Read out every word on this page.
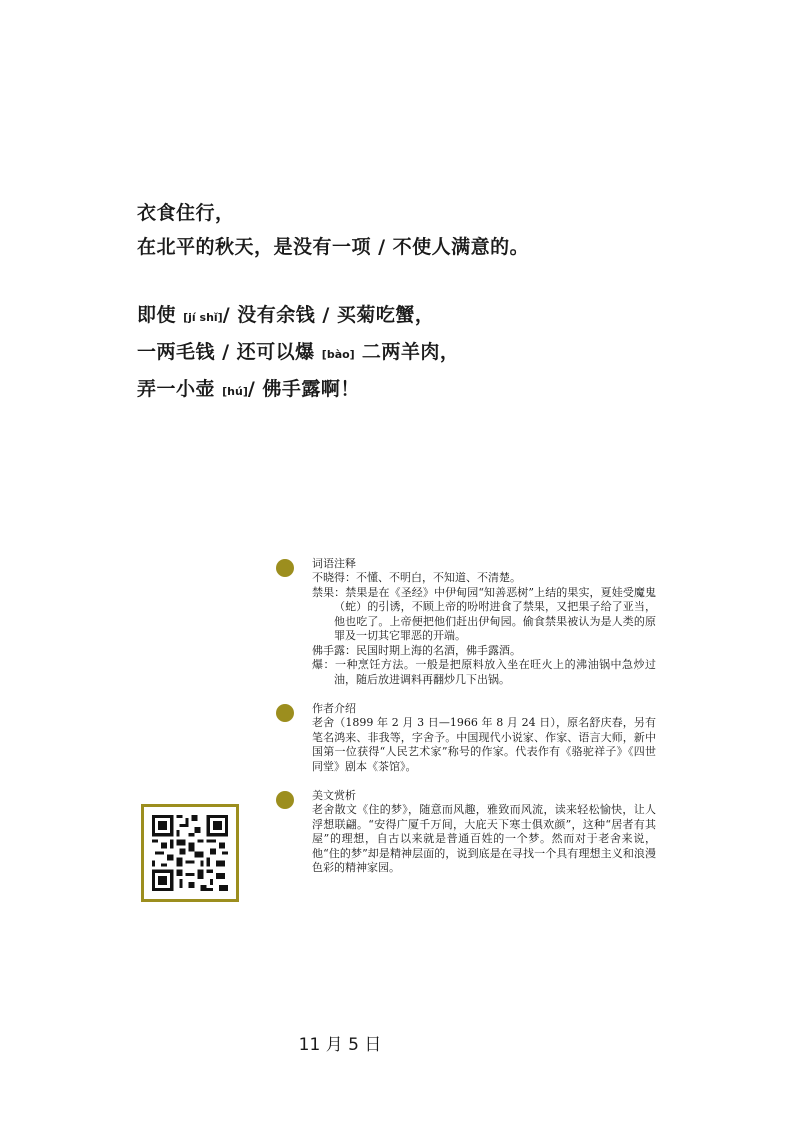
衣食住行，
在北平的秋天，是没有一项 / 不使人满意的。
即使 [jí shǐ]/ 没有余钱 / 买菊吃蟹，
一两毛钱 / 还可以爆 [bào] 二两羊肉，
弄一小壶 [hú]/ 佛手露啊！
词语注释
不晓得：不懂、不明白，不知道、不清楚。
禁果：禁果是在《圣经》中伊甸园“知善恶树”上结的果实，夏娃受魔鬼（蛇）的引诱，不顾上帝的吩咐进食了禁果，又把果子给了亚当，他也吃了。上帝便把他们赶出伊甸园。偷食禁果被认为是人类的原罪及一切其它罪恶的开端。
佛手露：民国时期上海的名酒，佛手露酒。
爆：一种烹饪方法。一般是把原料放入坐在旺火上的沸油锅中急炒过油，随后放进调料再翻炒几下出锅。
作者介绍
老舍（1899 年 2 月 3 日—1966 年 8 月 24 日），原名舒庆春，另有笔名鸿来、非我等，字舍予。中国现代小说家、作家、语言大师，新中国第一位获得“人民艺术家”称号的作家。代表作有《骆驼祥子》《四世同堂》剧本《茶馆》。
美文赏析
老舍散文《住的梦》，随意而风趣，雅致而风流，读来轻松愉快，让人浮想联翩。“安得广厦千万间，大庇天下寒士俱欢颜”，这种“居者有其屋”的理想，自古以来就是普通百姓的一个梦。然而对于老舍来说，他“住的梦”却是精神层面的，说到底是在寻找一个具有理想主义和浪漫色彩的精神家园。
11 月 5 日
